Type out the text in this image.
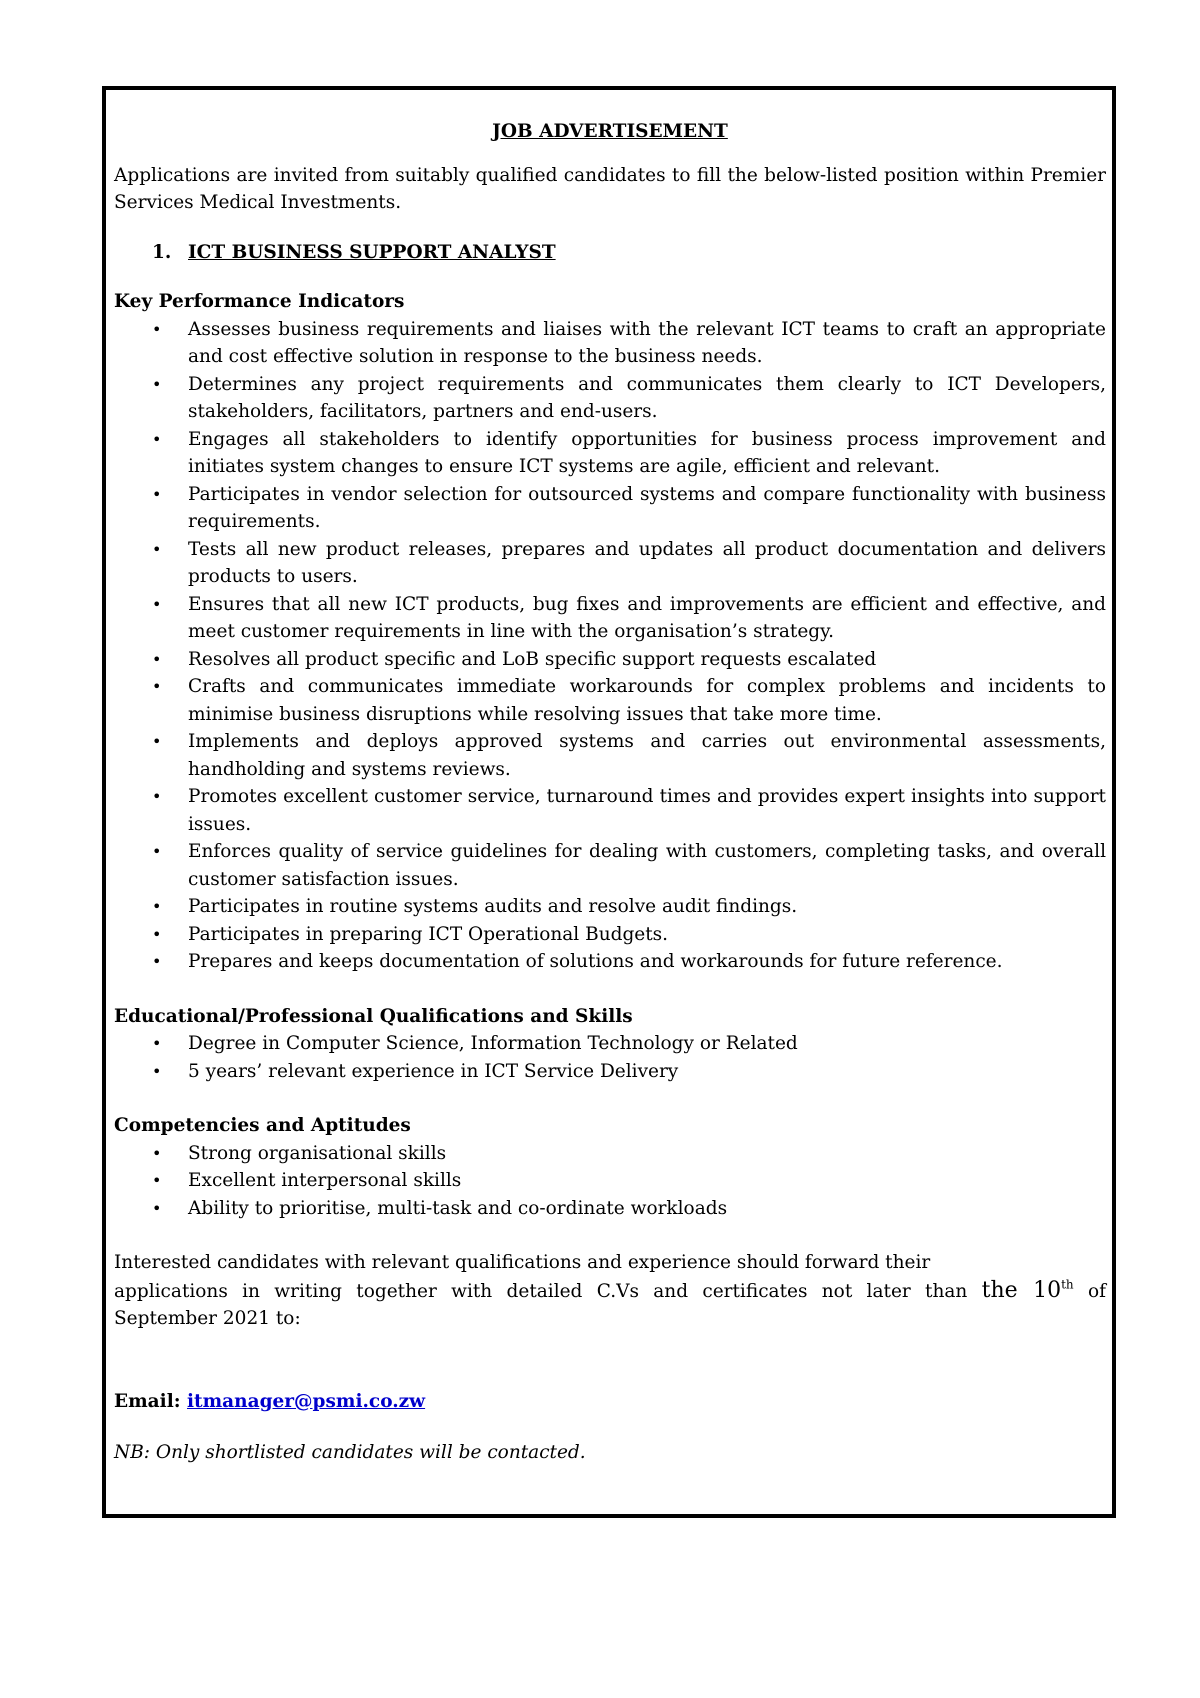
JOB ADVERTISEMENT

Applications are invited from suitably qualified candidates to fill the below-listed position within Premier Services Medical Investments.

1. ICT BUSINESS SUPPORT ANALYST
Key Performance Indicators
• Assesses business requirements and liaises with the relevant ICT teams to craft an appropriate and cost effective solution in response to the business needs.
• Determines any project requirements and communicates them clearly to ICT Developers, stakeholders, facilitators, partners and end-users.
• Engages all stakeholders to identify opportunities for business process improvement and initiates system changes to ensure ICT systems are agile, efficient and relevant.
• Participates in vendor selection for outsourced systems and compare functionality with business requirements.
• Tests all new product releases, prepares and updates all product documentation and delivers products to users.
• Ensures that all new ICT products, bug fixes and improvements are efficient and effective, and meet customer requirements in line with the organisation’s strategy.
• Resolves all product specific and LoB specific support requests escalated
• Crafts and communicates immediate workarounds for complex problems and incidents to minimise business disruptions while resolving issues that take more time.
• Implements and deploys approved systems and carries out environmental assessments, handholding and systems reviews.
• Promotes excellent customer service, turnaround times and provides expert insights into support issues.
• Enforces quality of service guidelines for dealing with customers, completing tasks, and overall customer satisfaction issues.
• Participates in routine systems audits and resolve audit findings.
• Participates in preparing ICT Operational Budgets.
• Prepares and keeps documentation of solutions and workarounds for future reference.
Educational/Professional Qualifications and Skills
• Degree in Computer Science, Information Technology or Related
• 5 years’ relevant experience in ICT Service Delivery
Competencies and Aptitudes
• Strong organisational skills
• Excellent interpersonal skills
• Ability to prioritise, multi-task and co-ordinate workloads

Interested candidates with relevant qualifications and experience should forward their

applications in writing together with detailed C.Vs and certificates not later than the 10th of

September 2021 to:

Email: itmanager@psmi.co.zw
NB: Only shortlisted candidates will be contacted.
